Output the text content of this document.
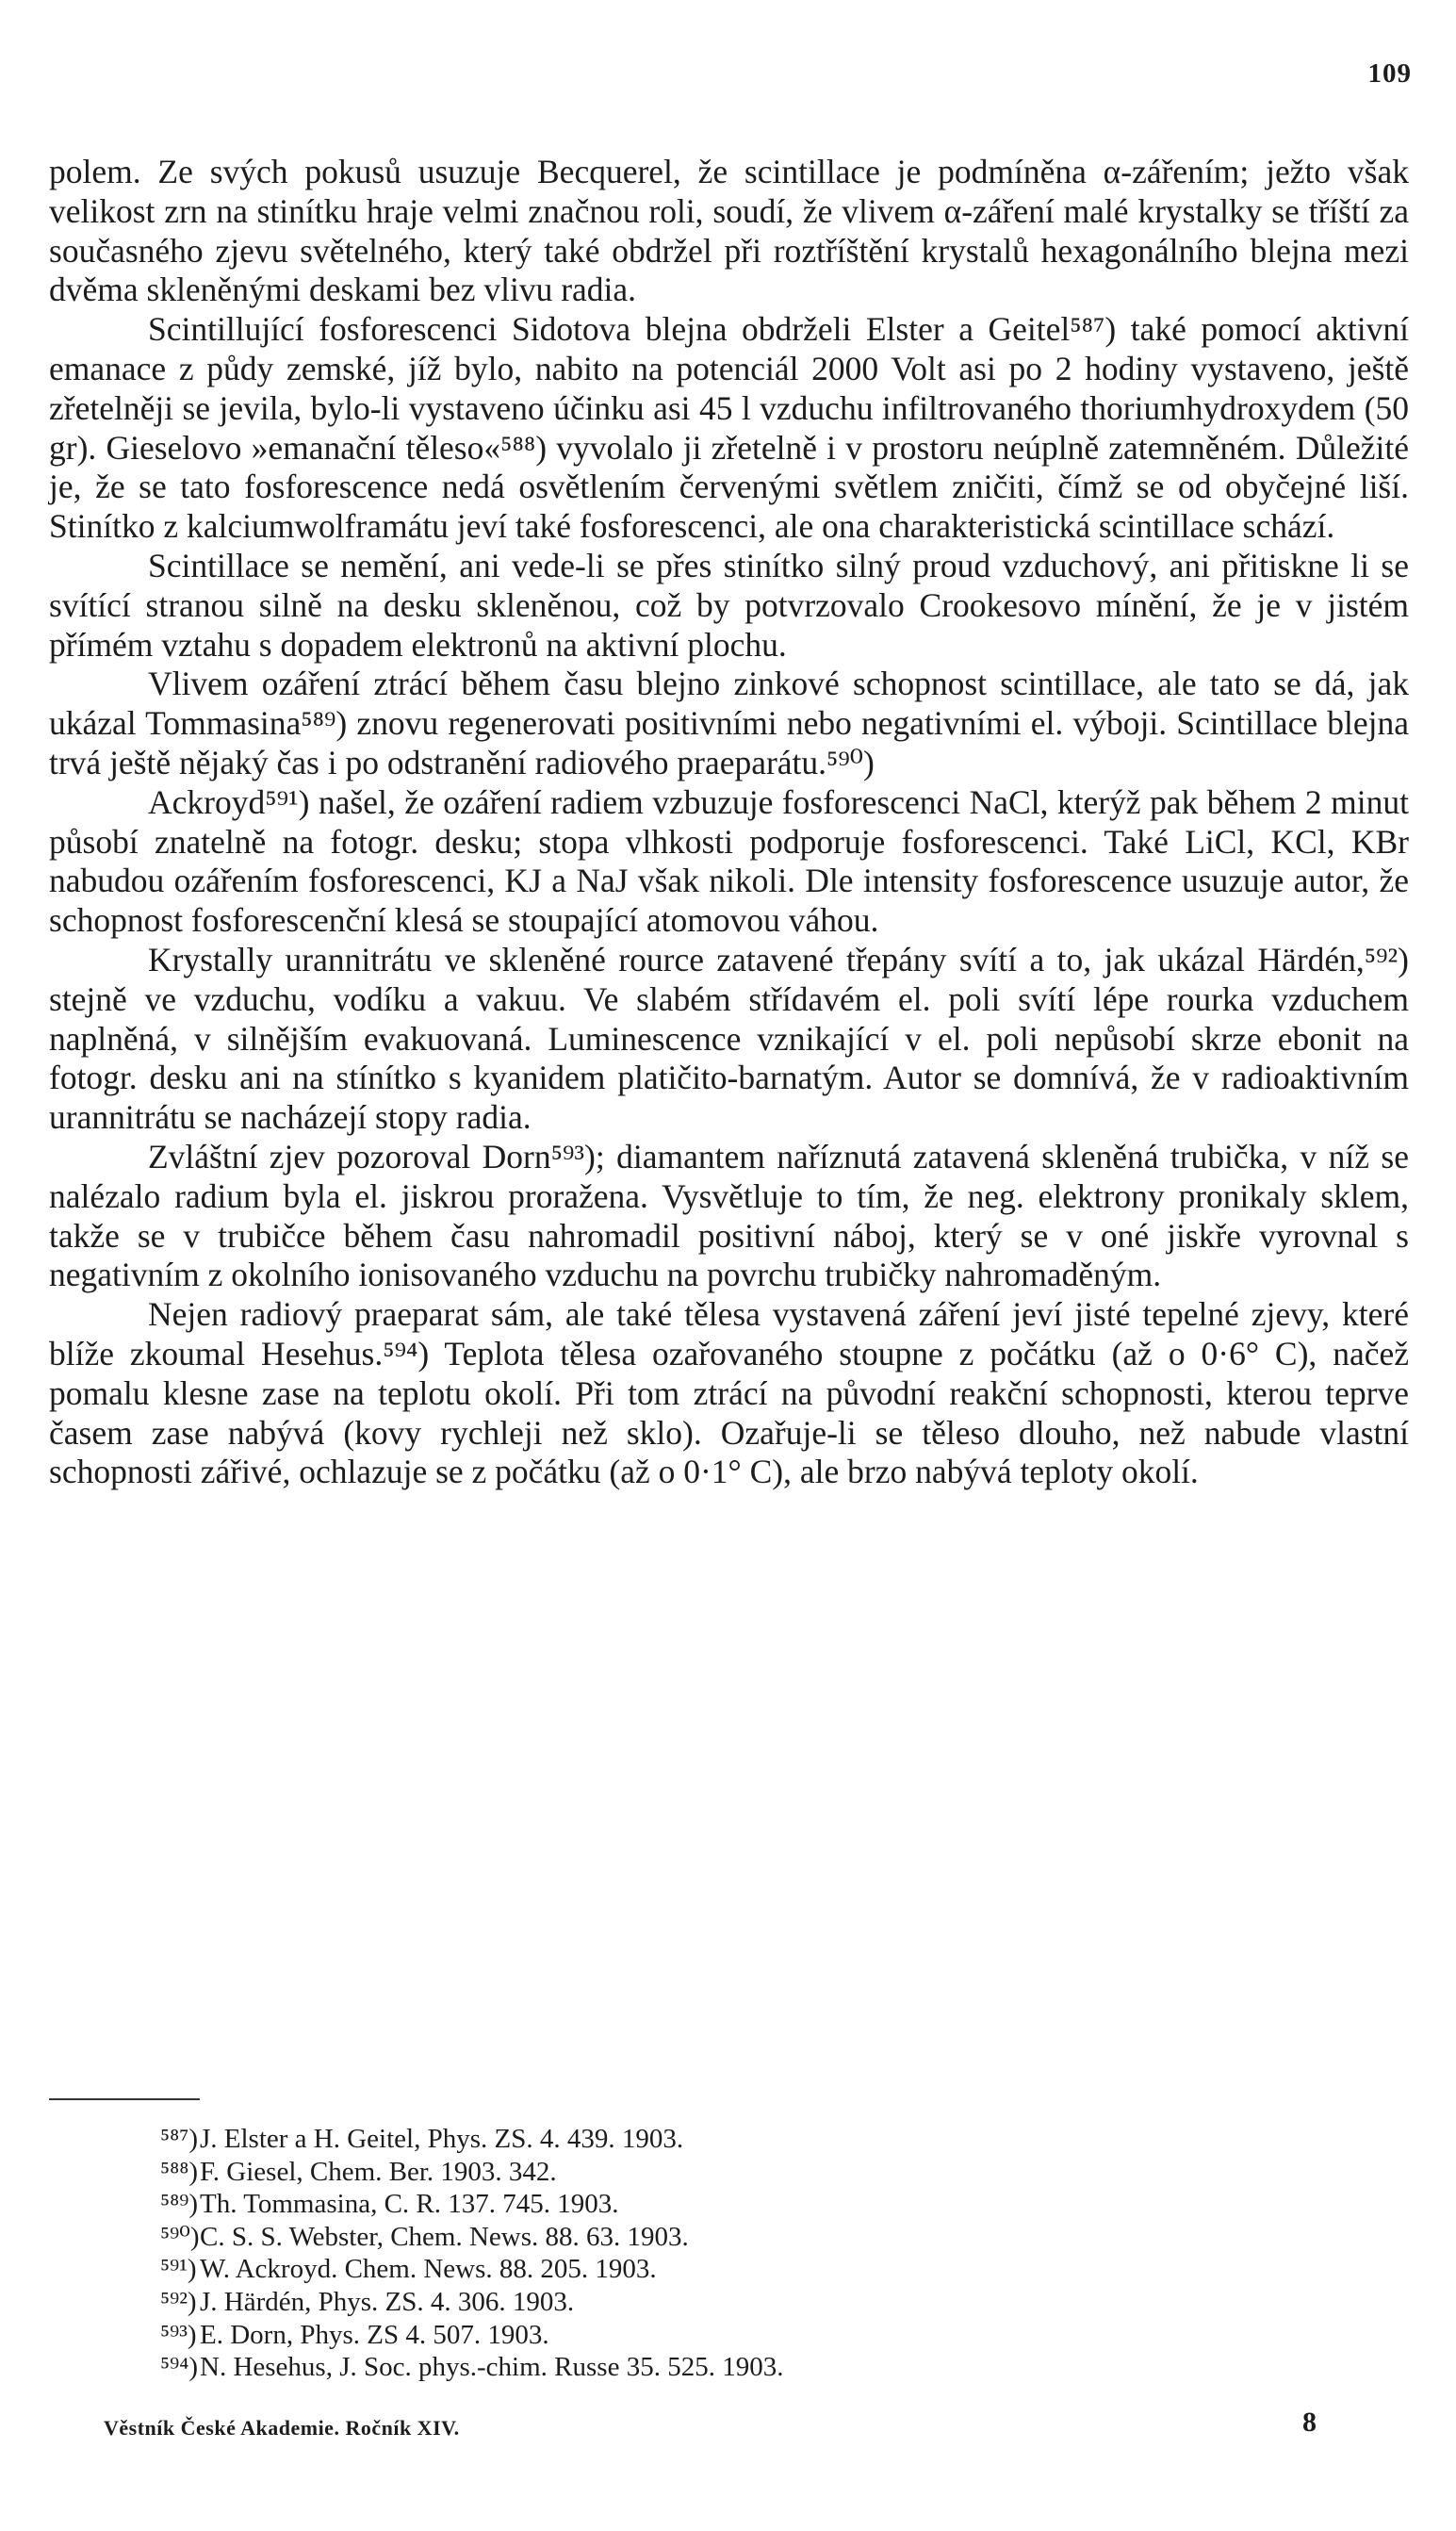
109

polem. Ze svých pokusů usuzuje Becquerel, že scintillace je podmíněna α-zářením; ježto však velikost zrn na stinítku hraje velmi značnou roli, soudí, že vlivem α-záření malé krystalky se tříští za současného zjevu světelného, který také obdržel při roztříštění krystalů hexagonálního blejna mezi dvěma skleněnými deskami bez vlivu radia.

Scintillující fosforescenci Sidotova blejna obdrželi Elster a Geitel⁵⁸⁷) také pomocí aktivní emanace z půdy zemské, jíž bylo, nabito na potenciál 2000 Volt asi po 2 hodiny vystaveno, ještě zřetelněji se jevila, bylo-li vystaveno účinku asi 45 l vzduchu infiltrovaného thoriumhydroxydem (50 gr). Gieselovo »emanační těleso«⁵⁸⁸) vyvolalo ji zřetelně i v prostoru neúplně zatemněném. Důležité je, že se tato fosforescence nedá osvětlením červenými světlem zničiti, čímž se od obyčejné liší. Stinítko z kalciumwolframátu jeví také fosforescenci, ale ona charakteristická scintillace schází.

Scintillace se nemění, ani vede-li se přes stinítko silný proud vzduchový, ani přitiskne li se svítící stranou silně na desku skleněnou, což by potvrzovalo Crookesovo mínění, že je v jistém přímém vztahu s dopadem elektronů na aktivní plochu.

Vlivem ozáření ztrácí během času blejno zinkové schopnost scintillace, ale tato se dá, jak ukázal Tommasina⁵⁸⁹) znovu regenerovati positivními nebo negativními el. výboji. Scintillace blejna trvá ještě nějaký čas i po odstranění radiového praeparátu.⁵⁹⁰)

Ackroyd⁵⁹¹) našel, že ozáření radiem vzbuzuje fosforescenci NaCl, kterýž pak během 2 minut působí znatelně na fotogr. desku; stopa vlhkosti podporuje fosforescenci. Také LiCl, KCl, KBr nabudou ozářením fosforescenci, KJ a NaJ však nikoli. Dle intensity fosforescence usuzuje autor, že schopnost fosforescenční klesá se stoupající atomovou váhou.

Krystally urannitrátu ve skleněné rource zatavené třepány svítí a to, jak ukázal Härdén,⁵⁹²) stejně ve vzduchu, vodíku a vakuu. Ve slabém střídavém el. poli svítí lépe rourka vzduchem naplněná, v silnějším evakuovaná. Luminescence vznikající v el. poli nepůsobí skrze ebonit na fotogr. desku ani na stínítko s kyanidem platičito-barnatým. Autor se domnívá, že v radioaktivním urannitrátu se nacházejí stopy radia.

Zvláštní zjev pozoroval Dorn⁵⁹³); diamantem naříznutá zatavená skleněná trubička, v níž se nalézalo radium byla el. jiskrou proražena. Vysvětluje to tím, že neg. elektrony pronikaly sklem, takže se v trubičce během času nahromadil positivní náboj, který se v oné jiskře vyrovnal s negativním z okolního ionisovaného vzduchu na povrchu trubičky nahromaděným.

Nejen radiový praeparat sám, ale také tělesa vystavená záření jeví jisté tepelné zjevy, které blíže zkoumal Hesehus.⁵⁹⁴) Teplota tělesa ozařovaného stoupne z počátku (až o 0·6° C), načež pomalu klesne zase na teplotu okolí. Při tom ztrácí na původní reakční schopnosti, kterou teprve časem zase nabývá (kovy rychleji než sklo). Ozařuje-li se těleso dlouho, než nabude vlastní schopnosti zářivé, ochlazuje se z počátku (až o 0·1° C), ale brzo nabývá teploty okolí.

⁵⁸⁷)J. Elster a H. Geitel, Phys. ZS. 4. 439. 1903.
⁵⁸⁸)F. Giesel, Chem. Ber. 1903. 342.
⁵⁸⁹)Th. Tommasina, C. R. 137. 745. 1903.
⁵⁹⁰)C. S. S. Webster, Chem. News. 88. 63. 1903.
⁵⁹¹) W. Ackroyd. Chem. News. 88. 205. 1903.
⁵⁹²) J. Härdén, Phys. ZS. 4. 306. 1903.
⁵⁹³) E. Dorn, Phys. ZS 4. 507. 1903.
⁵⁹⁴)N. Hesehus, J. Soc. phys.-chim. Russe 35. 525. 1903.
Věstník České Akademie. Ročník XIV.	8
